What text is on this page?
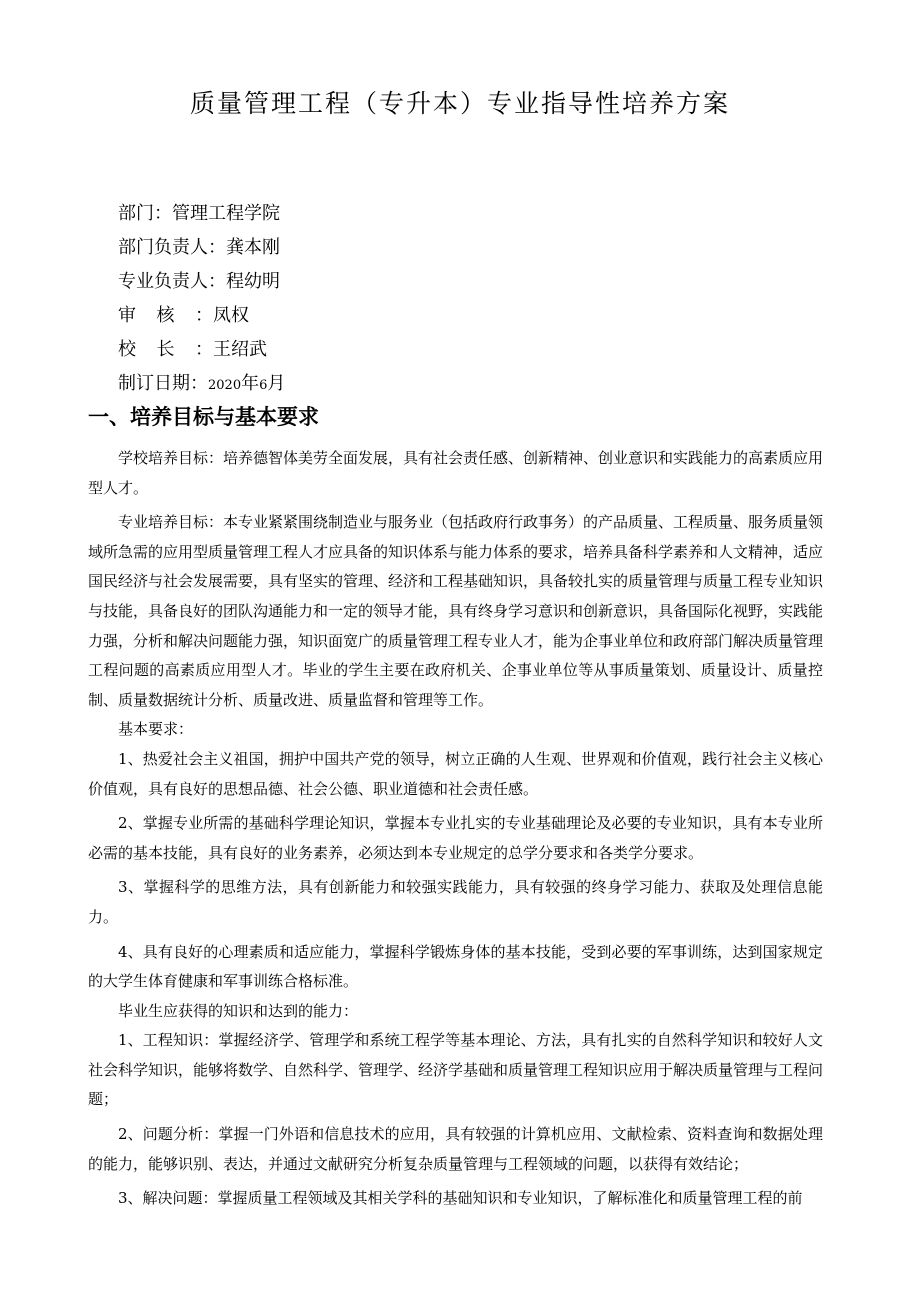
质量管理工程（专升本）专业指导性培养方案
部门：管理工程学院
部门负责人：龚本刚
专业负责人：程幼明
审核：凤权
校长：王绍武
制订日期：2020年6月
一、培养目标与基本要求

学校培养目标：培养德智体美劳全面发展，具有社会责任感、创新精神、创业意识和实践能力的高素质应用型人才。

专业培养目标：本专业紧紧围绕制造业与服务业（包括政府行政事务）的产品质量、工程质量、服务质量领域所急需的应用型质量管理工程人才应具备的知识体系与能力体系的要求，培养具备科学素养和人文精神，适应国民经济与社会发展需要，具有坚实的管理、经济和工程基础知识，具备较扎实的质量管理与质量工程专业知识与技能，具备良好的团队沟通能力和一定的领导才能，具有终身学习意识和创新意识，具备国际化视野，实践能力强，分析和解决问题能力强，知识面宽广的质量管理工程专业人才，能为企事业单位和政府部门解决质量管理工程问题的高素质应用型人才。毕业的学生主要在政府机关、企事业单位等从事质量策划、质量设计、质量控制、质量数据统计分析、质量改进、质量监督和管理等工作。

基本要求：

1、热爱社会主义祖国，拥护中国共产党的领导，树立正确的人生观、世界观和价值观，践行社会主义核心价值观，具有良好的思想品德、社会公德、职业道德和社会责任感。

2、掌握专业所需的基础科学理论知识，掌握本专业扎实的专业基础理论及必要的专业知识，具有本专业所必需的基本技能，具有良好的业务素养，必须达到本专业规定的总学分要求和各类学分要求。

3、掌握科学的思维方法，具有创新能力和较强实践能力，具有较强的终身学习能力、获取及处理信息能力。

4、具有良好的心理素质和适应能力，掌握科学锻炼身体的基本技能，受到必要的军事训练，达到国家规定的大学生体育健康和军事训练合格标准。

毕业生应获得的知识和达到的能力：

1、工程知识：掌握经济学、管理学和系统工程学等基本理论、方法，具有扎实的自然科学知识和较好人文社会科学知识，能够将数学、自然科学、管理学、经济学基础和质量管理工程知识应用于解决质量管理与工程问题；

2、问题分析：掌握一门外语和信息技术的应用，具有较强的计算机应用、文献检索、资料查询和数据处理的能力，能够识别、表达，并通过文献研究分析复杂质量管理与工程领域的问题，以获得有效结论；

3、解决问题：掌握质量工程领域及其相关学科的基础知识和专业知识，了解标准化和质量管理工程的前
